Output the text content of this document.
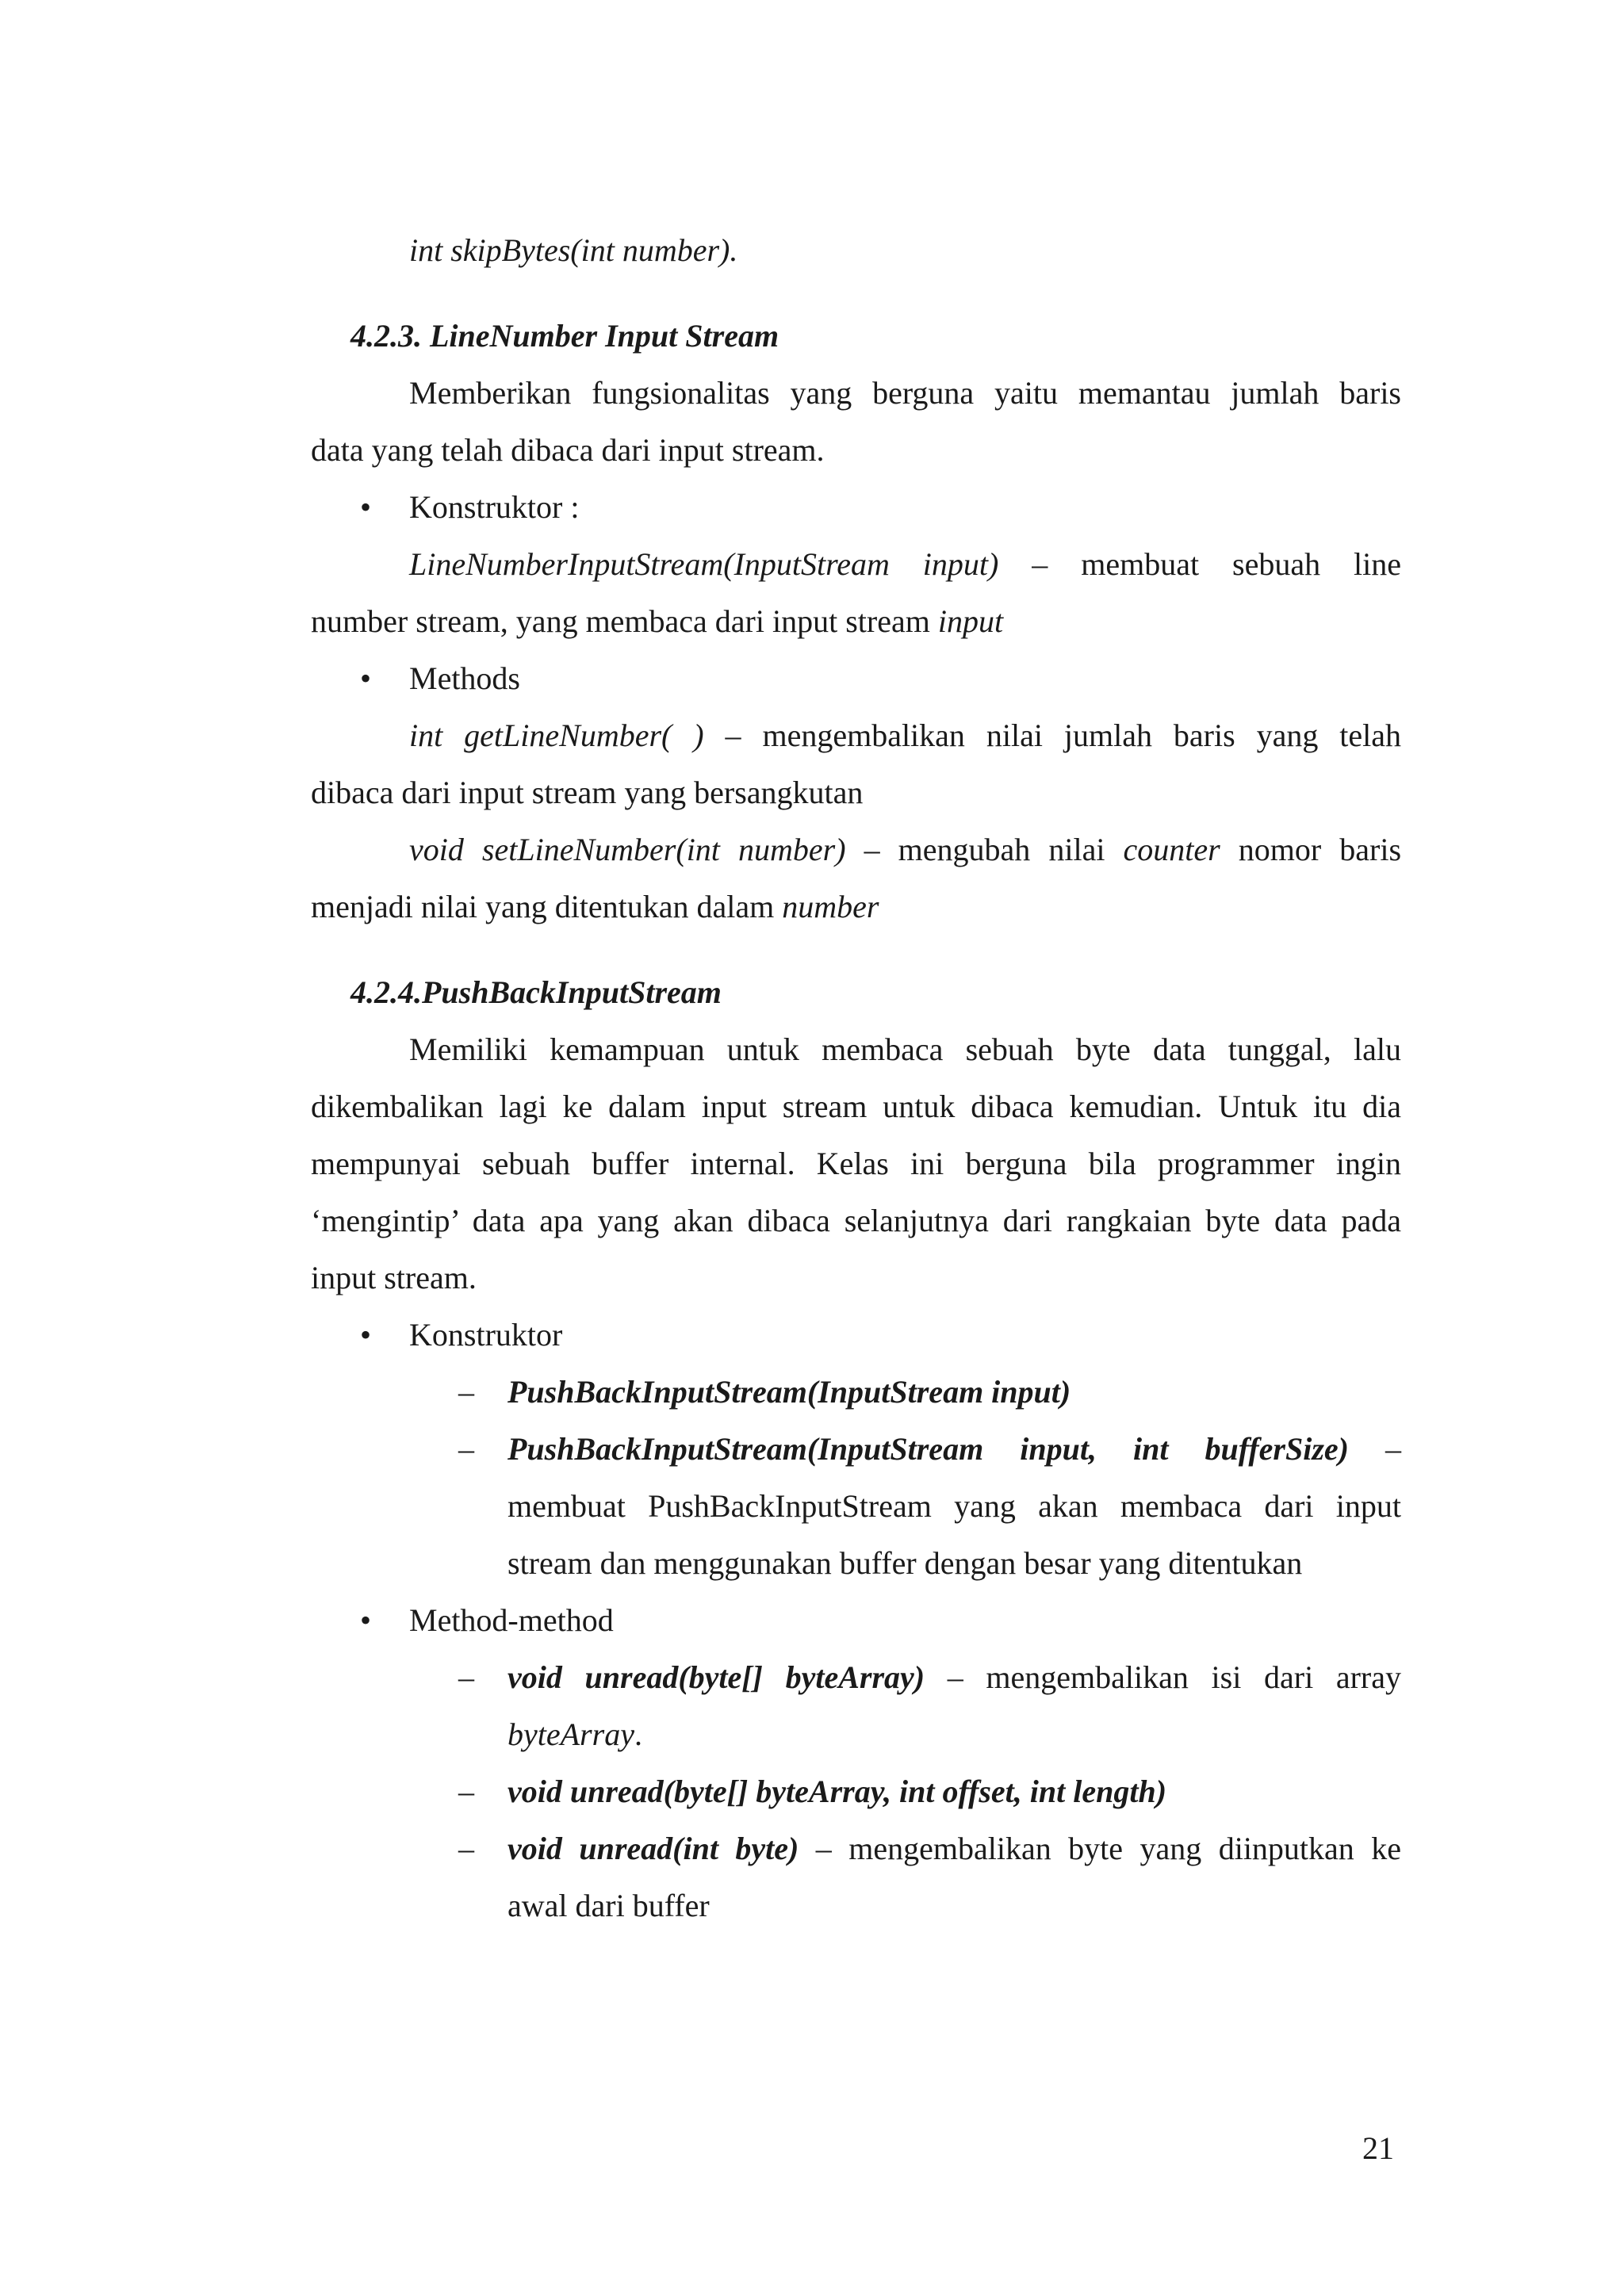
int skipBytes(int number).
4.2.3. LineNumber Input Stream
Memberikan fungsionalitas yang berguna yaitu memantau jumlah baris
data yang telah dibaca dari input stream.
• Konstruktor :
LineNumberInputStream(InputStream input) – membuat sebuah line
number stream, yang membaca dari input stream input
• Methods
int getLineNumber( ) – mengembalikan nilai jumlah baris yang telah
dibaca dari input stream yang bersangkutan
void setLineNumber(int number) – mengubah nilai counter nomor baris
menjadi nilai yang ditentukan dalam number
4.2.4.PushBackInputStream
Memiliki kemampuan untuk membaca sebuah byte data tunggal, lalu
dikembalikan lagi ke dalam input stream untuk dibaca kemudian. Untuk itu dia
mempunyai sebuah buffer internal. Kelas ini berguna bila programmer ingin
‘mengintip’ data apa yang akan dibaca selanjutnya dari rangkaian byte data pada
input stream.
• Konstruktor
– PushBackInputStream(InputStream input)
– PushBackInputStream(InputStream input, int bufferSize) –
membuat PushBackInputStream yang akan membaca dari input
stream dan menggunakan buffer dengan besar yang ditentukan
• Method-method
– void unread(byte[] byteArray) – mengembalikan isi dari array
byteArray.
– void unread(byte[] byteArray, int offset, int length)
– void unread(int byte) – mengembalikan byte yang diinputkan ke
awal dari buffer
21
